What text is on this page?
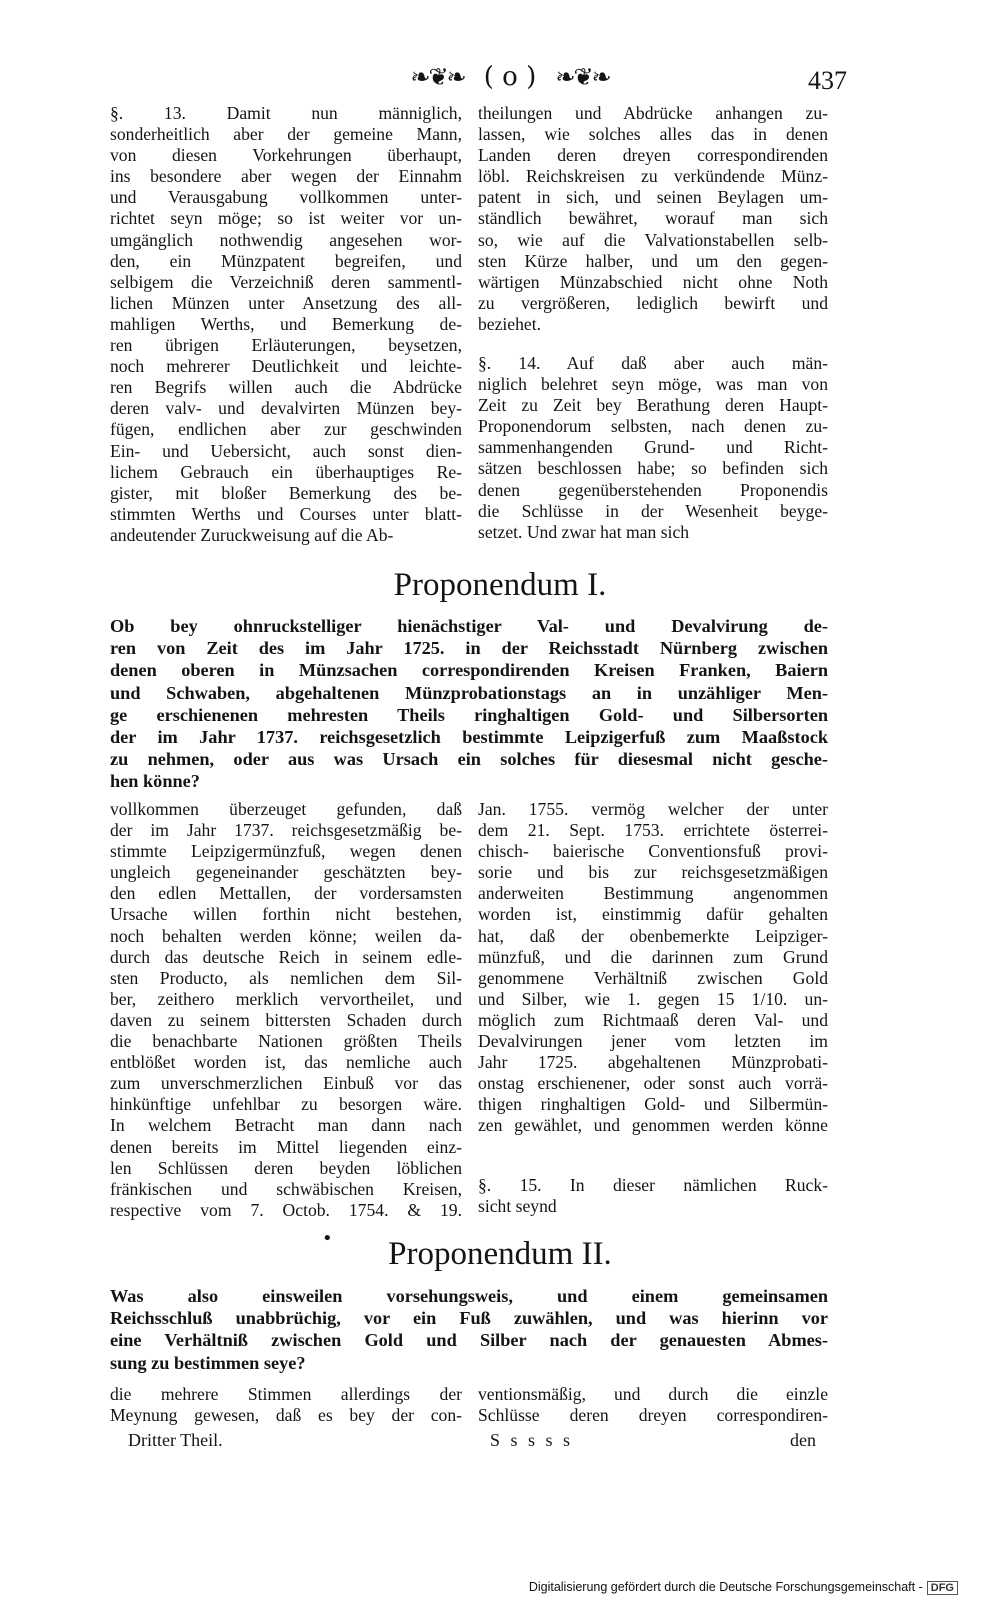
❧❦❧ ( o ) ❧❦❧	437
§. 13. Damit nun männiglich,
sonderheitlich aber der gemeine Mann,
von diesen Vorkehrungen überhaupt,
ins besondere aber wegen der Einnahm
und Verausgabung vollkommen unter-
richtet seyn möge; so ist weiter vor un-
umgänglich nothwendig angesehen wor-
den, ein Münzpatent begreifen, und
selbigem die Verzeichniß deren sammentl-
lichen Münzen unter Ansetzung des all-
mahligen Werths, und Bemerkung de-
ren übrigen Erläuterungen, beysetzen,
noch mehrerer Deutlichkeit und leichte-
ren Begrifs willen auch die Abdrücke
deren valv- und devalvirten Münzen bey-
fügen, endlichen aber zur geschwinden
Ein- und Uebersicht, auch sonst dien-
lichem Gebrauch ein überhauptiges Re-
gister, mit bloßer Bemerkung des be-
stimmten Werths und Courses unter blatt-
andeutender Zuruckweisung auf die Ab-
theilungen und Abdrücke anhangen zu-
lassen, wie solches alles das in denen
Landen deren dreyen correspondirenden
löbl. Reichskreisen zu verkündende Münz-
patent in sich, und seinen Beylagen um-
ständlich bewähret, worauf man sich
so, wie auf die Valvationstabellen selb-
sten Kürze halber, und um den gegen-
wärtigen Münzabschied nicht ohne Noth
zu vergrößeren, lediglich bewirft und
beziehet.
§. 14. Auf daß aber auch män-
niglich belehret seyn möge, was man von
Zeit zu Zeit bey Berathung deren Haupt-
Proponendorum selbsten, nach denen zu-
sammenhangenden Grund- und Richt-
sätzen beschlossen habe; so befinden sich
denen gegenüberstehenden Proponendis
die Schlüsse in der Wesenheit beyge-
setzet. Und zwar hat man sich
Proponendum I.
Ob bey ohnruckstelliger hienächstiger Val- und Devalvirung de-
ren von Zeit des im Jahr 1725. in der Reichsstadt Nürnberg zwischen
denen oberen in Münzsachen correspondirenden Kreisen Franken, Baiern
und Schwaben, abgehaltenen Münzprobationstags an in unzähliger Men-
ge erschienenen mehresten Theils ringhaltigen Gold- und Silbersorten
der im Jahr 1737. reichsgesetzlich bestimmte Leipzigerfuß zum Maaßstock
zu nehmen, oder aus was Ursach ein solches für diesesmal nicht gesche-
hen könne?
vollkommen überzeuget gefunden, daß
der im Jahr 1737. reichsgesetzmäßig be-
stimmte Leipzigermünzfuß, wegen denen
ungleich gegeneinander geschätzten bey-
den edlen Mettallen, der vordersamsten
Ursache willen forthin nicht bestehen,
noch behalten werden könne; weilen da-
durch das deutsche Reich in seinem edle-
sten Producto, als nemlichen dem Sil-
ber, zeithero merklich vervortheilet, und
daven zu seinem bittersten Schaden durch
die benachbarte Nationen größten Theils
entblößet worden ist, das nemliche auch
zum unverschmerzlichen Einbuß vor das
hinkünftige unfehlbar zu besorgen wäre.
In welchem Betracht man dann nach
denen bereits im Mittel liegenden einz-
len Schlüssen deren beyden löblichen
fränkischen und schwäbischen Kreisen,
respective vom 7. Octob. 1754. & 19.
Jan. 1755. vermög welcher der unter
dem 21. Sept. 1753. errichtete österrei-
chisch- baierische Conventionsfuß provi-
sorie und bis zur reichsgesetzmäßigen
anderweiten Bestimmung angenommen
worden ist, einstimmig dafür gehalten
hat, daß der obenbemerkte Leipziger-
münzfuß, und die darinnen zum Grund
genommene Verhältniß zwischen Gold
und Silber, wie 1. gegen 15 1/10. un-
möglich zum Richtmaaß deren Val- und
Devalvirungen jener vom letzten im
Jahr 1725. abgehaltenen Münzprobati-
onstag erschienener, oder sonst auch vorrä-
thigen ringhaltigen Gold- und Silbermün-
zen gewählet, und genommen werden könne
§. 15. In dieser nämlichen Ruck-
sicht seynd
•	Proponendum II.
Was also einsweilen vorsehungsweis, und einem gemeinsamen
Reichsschluß unabbrüchig, vor ein Fuß zuwählen, und was hierinn vor
eine Verhältniß zwischen Gold und Silber nach der genauesten Abmes-
sung zu bestimmen seye?
die mehrere Stimmen allerdings der
Meynung gewesen, daß es bey der con-
ventionsmäßig, und durch die einzle
Schlüsse deren dreyen correspondiren-
Dritter Theil.	S s s s s	den
Digitalisierung gefördert durch die Deutsche Forschungsgemeinschaft - DFG
